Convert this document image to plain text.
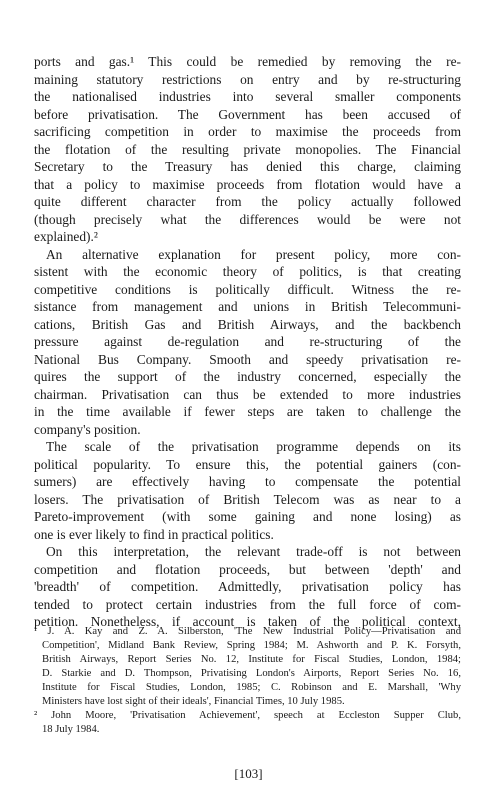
ports and gas.¹ This could be remedied by removing the re-
maining statutory restrictions on entry and by re-structuring
the nationalised industries into several smaller components
before privatisation. The Government has been accused of
sacrificing competition in order to maximise the proceeds from
the flotation of the resulting private monopolies. The Financial
Secretary to the Treasury has denied this charge, claiming
that a policy to maximise proceeds from flotation would have a
quite different character from the policy actually followed
(though precisely what the differences would be were not
explained).²
An alternative explanation for present policy, more con-
sistent with the economic theory of politics, is that creating
competitive conditions is politically difficult. Witness the re-
sistance from management and unions in British Telecommuni-
cations, British Gas and British Airways, and the backbench
pressure against de-regulation and re-structuring of the
National Bus Company. Smooth and speedy privatisation re-
quires the support of the industry concerned, especially the
chairman. Privatisation can thus be extended to more industries
in the time available if fewer steps are taken to challenge the
company's position.
The scale of the privatisation programme depends on its
political popularity. To ensure this, the potential gainers (con-
sumers) are effectively having to compensate the potential
losers. The privatisation of British Telecom was as near to a
Pareto-improvement (with some gaining and none losing) as
one is ever likely to find in practical politics.
On this interpretation, the relevant trade-off is not between
competition and flotation proceeds, but between 'depth' and
'breadth' of competition. Admittedly, privatisation policy has
tended to protect certain industries from the full force of com-
petition. Nonetheless, if account is taken of the political context,
¹ J. A. Kay and Z. A. Silberston, 'The New Industrial Policy—Privatisation and
Competition', Midland Bank Review, Spring 1984; M. Ashworth and P. K. Forsyth,
British Airways, Report Series No. 12, Institute for Fiscal Studies, London, 1984;
D. Starkie and D. Thompson, Privatising London's Airports, Report Series No. 16,
Institute for Fiscal Studies, London, 1985; C. Robinson and E. Marshall, 'Why
Ministers have lost sight of their ideals', Financial Times, 10 July 1985.
² John Moore, 'Privatisation Achievement', speech at Eccleston Supper Club,
18 July 1984.
[103]
